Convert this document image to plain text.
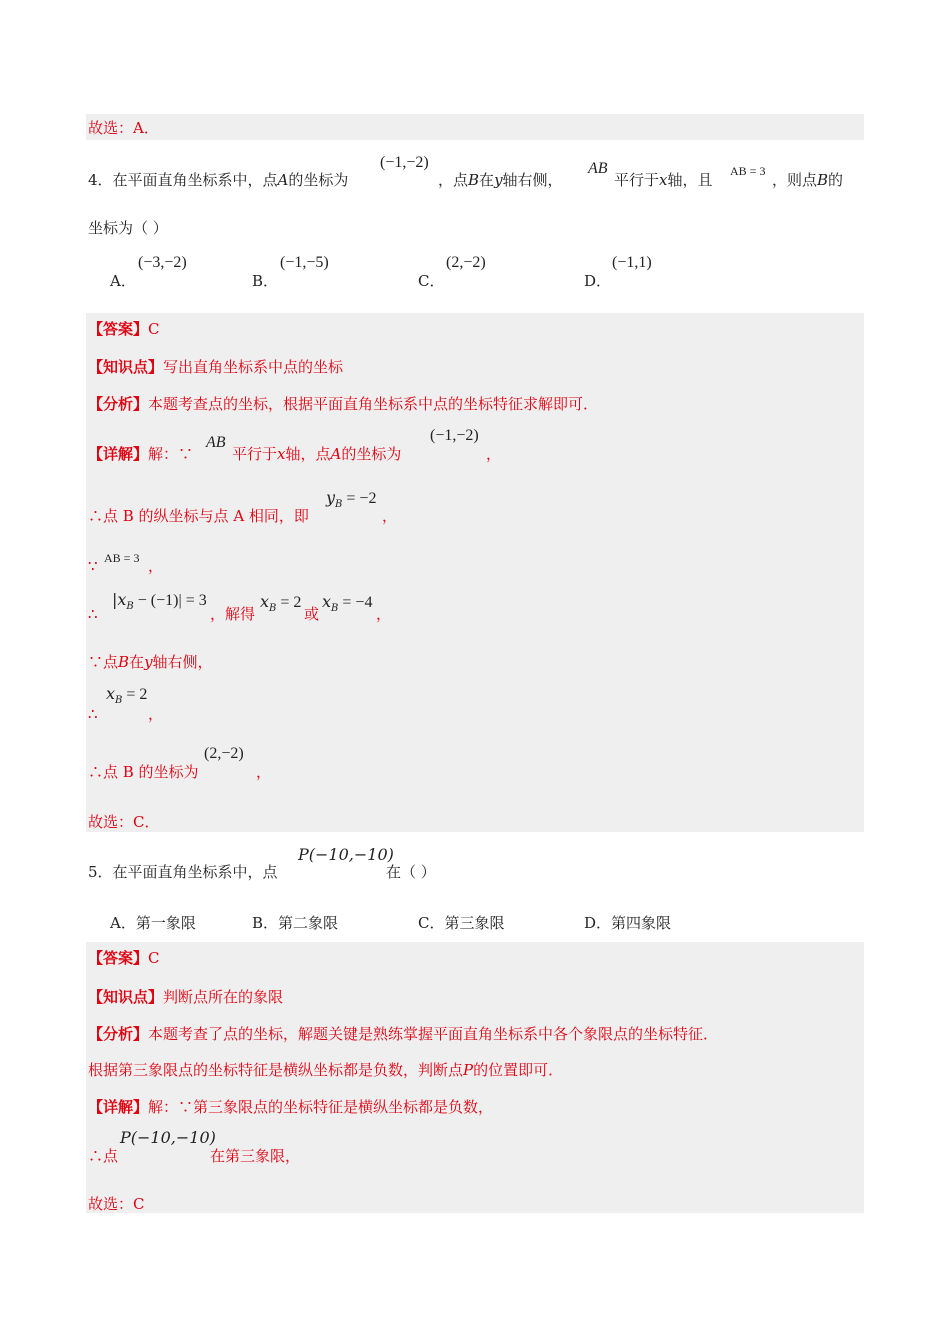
故选：A．
4．在平面直角坐标系中，点A的坐标为
(−1,−2)
，点B在y轴右侧，
AB
平行于x轴，且 AB = 3 ，则点B的
坐标为（ ）
A．
(−3,−2)
B．
(−1,−5)
C．
(2,−2)
D．
(−1,1)
【答案】C
【知识点】写出直角坐标系中点的坐标
【分析】本题考查点的坐标，根据平面直角坐标系中点的坐标特征求解即可．
【详解】解：∵
AB
平行于x轴，点A的坐标为
(−1,−2)
，
∴点 B 的纵坐标与点 A 相同，即
$y_B = -2$
，
∵ AB = 3 ，
∴
$|x_B - (-1)| = 3$
，解得
$x_B = 2$
或
$x_B = -4$
，
∵点B在y轴右侧，
∴
$x_B = 2$
，
∴点 B 的坐标为
(2,−2)
，
故选：C．
5．在平面直角坐标系中，点
P(−10,−10)
在（ ）
A．第一象限	B．第二象限	C．第三象限	D．第四象限
【答案】C
【知识点】判断点所在的象限
【分析】本题考查了点的坐标，解题关键是熟练掌握平面直角坐标系中各个象限点的坐标特征．
根据第三象限点的坐标特征是横纵坐标都是负数，判断点P的位置即可．
【详解】解：∵第三象限点的坐标特征是横纵坐标都是负数，
∴点
P(−10,−10)
在第三象限，
故选：C
